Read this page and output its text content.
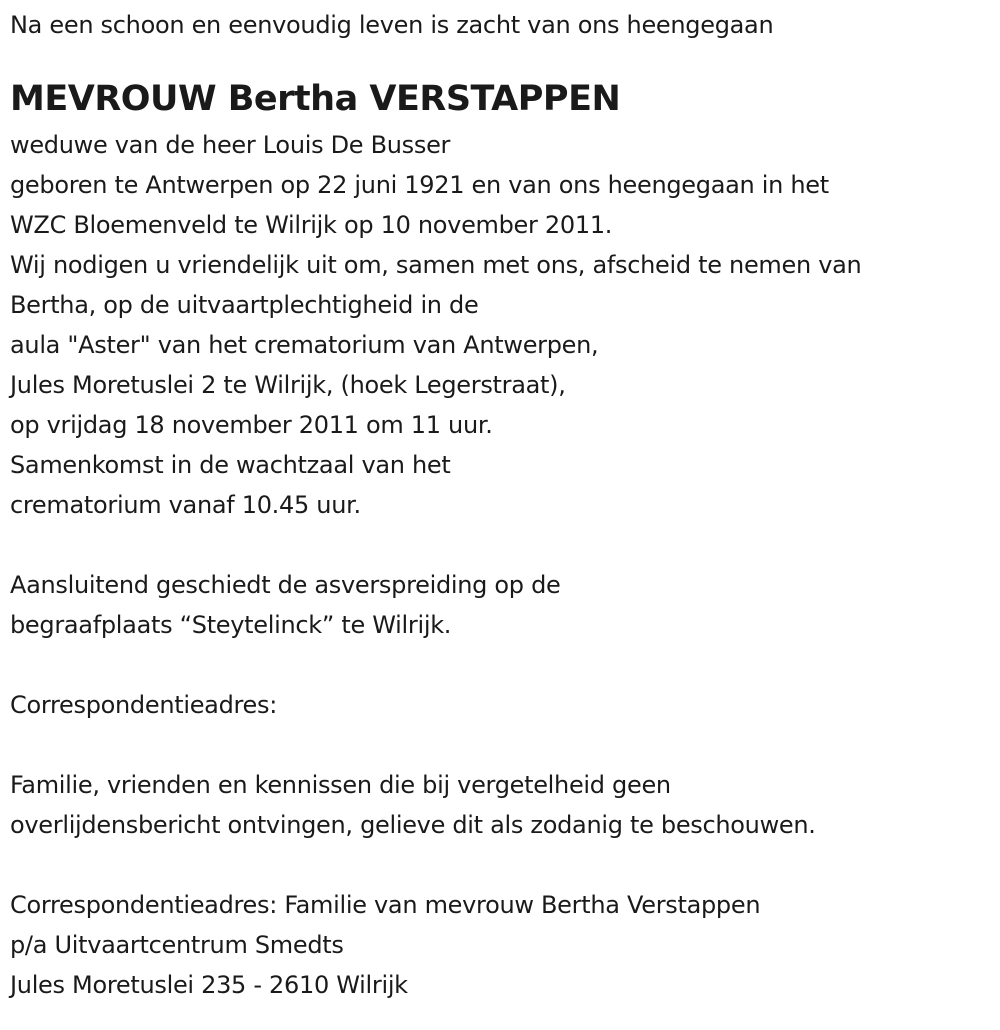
Na een schoon en eenvoudig leven is zacht van ons heengegaan
MEVROUW Bertha VERSTAPPEN
weduwe van de heer Louis De Busser
geboren te Antwerpen op 22 juni 1921 en van ons heengegaan in het
WZC Bloemenveld te Wilrijk op 10 november 2011.
Wij nodigen u vriendelijk uit om, samen met ons, afscheid te nemen van
Bertha, op de uitvaartplechtigheid in de
aula "Aster" van het crematorium van Antwerpen,
Jules Moretuslei 2 te Wilrijk, (hoek Legerstraat),
op vrijdag 18 november 2011 om 11 uur.
Samenkomst in de wachtzaal van het
crematorium vanaf 10.45 uur.
Aansluitend geschiedt de asverspreiding op de
begraafplaats “Steytelinck” te Wilrijk.
Correspondentieadres:
Familie, vrienden en kennissen die bij vergetelheid geen
overlijdensbericht ontvingen, gelieve dit als zodanig te beschouwen.
Correspondentieadres: Familie van mevrouw Bertha Verstappen
p/a Uitvaartcentrum Smedts
Jules Moretuslei 235 - 2610 Wilrijk
